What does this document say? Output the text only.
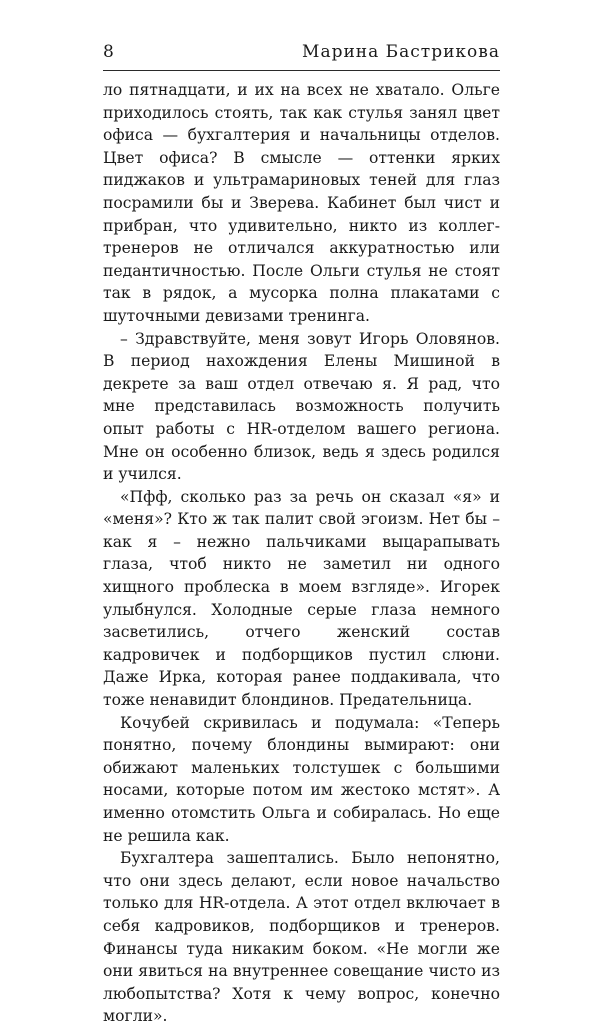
8	Марина Бастрикова

ло пятнадцати, и их на всех не хватало. Ольге приходилось стоять, так как стулья занял цвет офиса — бухгалтерия и начальницы отделов. Цвет офиса? В смысле — оттенки ярких пиджаков и ультрамариновых теней для глаз посрамили бы и Зверева. Кабинет был чист и прибран, что удивительно, никто из коллег-тренеров не отличался аккуратностью или педантичностью. После Ольги стулья не стоят так в рядок, а мусорка полна плакатами с шуточными девизами тренинга.

– Здравствуйте, меня зовут Игорь Оловянов. В период нахождения Елены Мишиной в декрете за ваш отдел отвечаю я. Я рад, что мне представилась возможность получить опыт работы с HR-отделом вашего региона. Мне он особенно близок, ведь я здесь родился и учился.

«Пфф, сколько раз за речь он сказал «я» и «меня»? Кто ж так палит свой эгоизм. Нет бы – как я – нежно пальчиками выцарапывать глаза, чтоб никто не заметил ни одного хищного проблеска в моем взгляде». Игорек улыбнулся. Холодные серые глаза немного засветились, отчего женский состав кадровичек и подборщиков пустил слюни. Даже Ирка, которая ранее поддакивала, что тоже ненавидит блондинов. Предательница.

Кочубей скривилась и подумала: «Теперь понятно, почему блондины вымирают: они обижают маленьких толстушек с большими носами, которые потом им жестоко мстят». А именно отомстить Ольга и собиралась. Но еще не решила как.

Бухгалтера зашептались. Было непонятно, что они здесь делают, если новое начальство только для HR-отдела. А этот отдел включает в себя кадровиков, подборщиков и тренеров. Финансы туда никаким боком. «Не могли же они явиться на внутреннее совещание чисто из любопытства? Хотя к чему вопрос, конечно могли».
